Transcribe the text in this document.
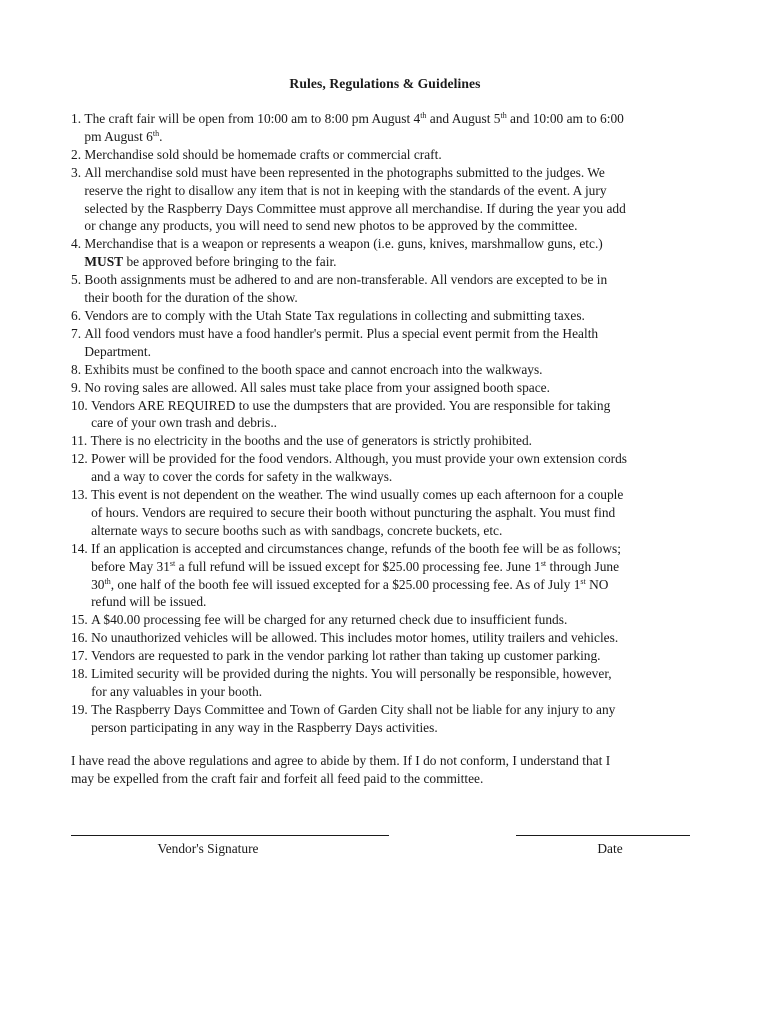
Rules, Regulations & Guidelines
1. The craft fair will be open from 10:00 am to 8:00 pm August 4th and August 5th and 10:00 am to 6:00
pm August 6th.
2. Merchandise sold should be homemade crafts or commercial craft.
3. All merchandise sold must have been represented in the photographs submitted to the judges. We
reserve the right to disallow any item that is not in keeping with the standards of the event. A jury
selected by the Raspberry Days Committee must approve all merchandise. If during the year you add
or change any products, you will need to send new photos to be approved by the committee.
4. Merchandise that is a weapon or represents a weapon (i.e. guns, knives, marshmallow guns, etc.)
MUST be approved before bringing to the fair.
5. Booth assignments must be adhered to and are non-transferable. All vendors are excepted to be in
their booth for the duration of the show.
6. Vendors are to comply with the Utah State Tax regulations in collecting and submitting taxes.
7. All food vendors must have a food handler's permit. Plus a special event permit from the Health
Department.
8. Exhibits must be confined to the booth space and cannot encroach into the walkways.
9. No roving sales are allowed. All sales must take place from your assigned booth space.
10. Vendors ARE REQUIRED to use the dumpsters that are provided. You are responsible for taking
care of your own trash and debris..
11. There is no electricity in the booths and the use of generators is strictly prohibited.
12. Power will be provided for the food vendors. Although, you must provide your own extension cords
and a way to cover the cords for safety in the walkways.
13. This event is not dependent on the weather. The wind usually comes up each afternoon for a couple
of hours. Vendors are required to secure their booth without puncturing the asphalt. You must find
alternate ways to secure booths such as with sandbags, concrete buckets, etc.
14. If an application is accepted and circumstances change, refunds of the booth fee will be as follows;
before May 31st a full refund will be issued except for $25.00 processing fee. June 1st through June
30th, one half of the booth fee will issued excepted for a $25.00 processing fee. As of July 1st NO
refund will be issued.
15. A $40.00 processing fee will be charged for any returned check due to insufficient funds.
16. No unauthorized vehicles will be allowed. This includes motor homes, utility trailers and vehicles.
17. Vendors are requested to park in the vendor parking lot rather than taking up customer parking.
18. Limited security will be provided during the nights. You will personally be responsible, however,
for any valuables in your booth.
19. The Raspberry Days Committee and Town of Garden City shall not be liable for any injury to any
person participating in any way in the Raspberry Days activities.
I have read the above regulations and agree to abide by them. If I do not conform, I understand that I
may be expelled from the craft fair and forfeit all feed paid to the committee.
Vendor's Signature	Date
